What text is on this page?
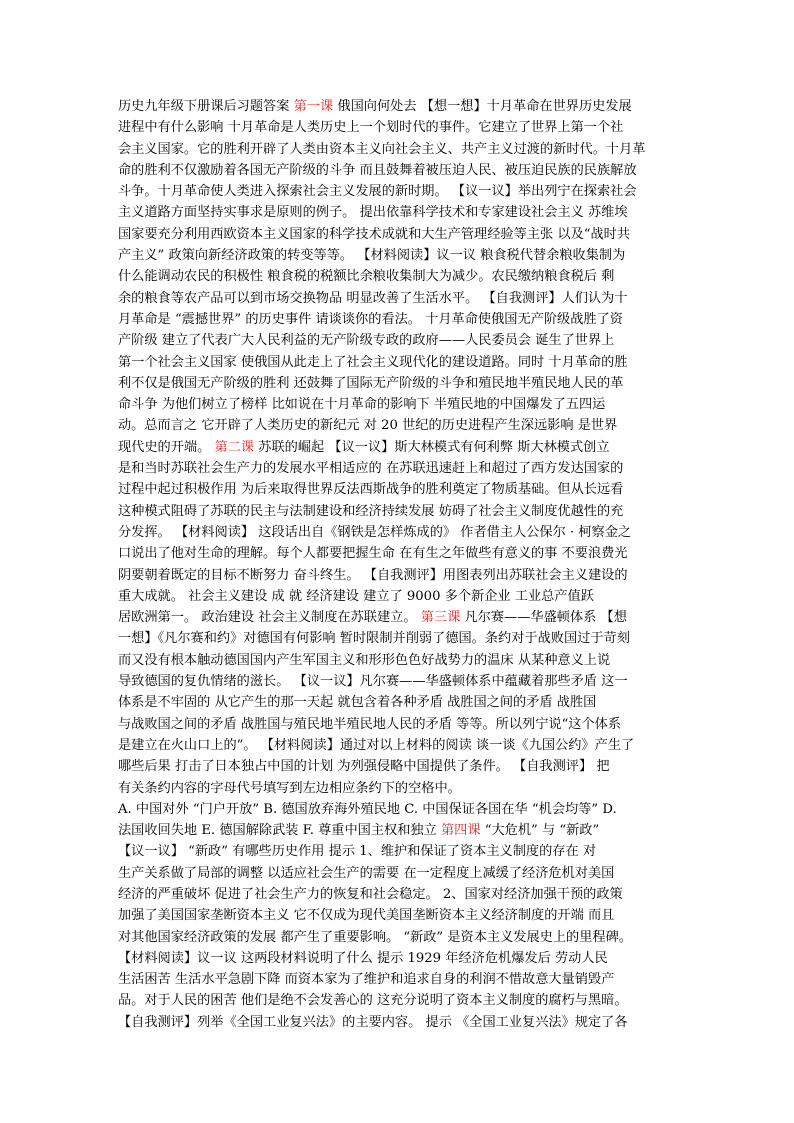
历史九年级下册课后习题答案 第一课 俄国向何处去 【想一想】十月革命在世界历史发展
进程中有什么影响 十月革命是人类历史上一个划时代的事件。它建立了世界上第一个社
会主义国家。它的胜利开辟了人类由资本主义向社会主义、共产主义过渡的新时代。十月革
命的胜利不仅激励着各国无产阶级的斗争 而且鼓舞着被压迫人民、被压迫民族的民族解放
斗争。十月革命使人类进入探索社会主义发展的新时期。 【议一议】举出列宁在探索社会
主义道路方面坚持实事求是原则的例子。 提出依靠科学技术和专家建设社会主义 苏维埃
国家要充分利用西欧资本主义国家的科学技术成就和大生产管理经验等主张 以及“战时共
产主义” 政策向新经济政策的转变等等。 【材料阅读】议一议 粮食税代替余粮收集制为
什么能调动农民的积极性 粮食税的税额比余粮收集制大为减少。农民缴纳粮食税后 剩
余的粮食等农产品可以到市场交换物品 明显改善了生活水平。 【自我测评】人们认为十
月革命是 “震撼世界” 的历史事件 请谈谈你的看法。 十月革命使俄国无产阶级战胜了资
产阶级 建立了代表广大人民利益的无产阶级专政的政府——人民委员会 诞生了世界上
第一个社会主义国家 使俄国从此走上了社会主义现代化的建设道路。同时 十月革命的胜
利不仅是俄国无产阶级的胜利 还鼓舞了国际无产阶级的斗争和殖民地半殖民地人民的革
命斗争 为他们树立了榜样 比如说在十月革命的影响下 半殖民地的中国爆发了五四运
动。总而言之 它开辟了人类历史的新纪元 对 20 世纪的历史进程产生深远影响 是世界
现代史的开端。 第二课 苏联的崛起 【议一议】斯大林模式有何利弊 斯大林模式创立
是和当时苏联社会生产力的发展水平相适应的 在苏联迅速赶上和超过了西方发达国家的
过程中起过积极作用 为后来取得世界反法西斯战争的胜利奠定了物质基础。但从长远看
这种模式阻碍了苏联的民主与法制建设和经济持续发展 妨碍了社会主义制度优越性的充
分发挥。 【材料阅读】 这段话出自《钢铁是怎样炼成的》 作者借主人公保尔 · 柯察金之
口说出了他对生命的理解。每个人都要把握生命 在有生之年做些有意义的事 不要浪费光
阴要朝着既定的目标不断努力 奋斗终生。 【自我测评】用图表列出苏联社会主义建设的
重大成就。 社会主义建设 成 就 经济建设 建立了 9000 多个新企业 工业总产值跃
居欧洲第一。 政治建设 社会主义制度在苏联建立。 第三课 凡尔赛——华盛顿体系 【想
一想】《凡尔赛和约》对德国有何影响 暂时限制并削弱了德国。条约对于战败国过于苛刻
而又没有根本触动德国国内产生军国主义和形形色色好战势力的温床 从某种意义上说
导致德国的复仇情绪的滋长。 【议一议】凡尔赛——华盛顿体系中蕴藏着那些矛盾 这一
体系是不牢固的 从它产生的那一天起 就包含着各种矛盾 战胜国之间的矛盾 战胜国
与战败国之间的矛盾 战胜国与殖民地半殖民地人民的矛盾 等等。所以列宁说“这个体系
是建立在火山口上的”。 【材料阅读】通过对以上材料的阅读 谈一谈《九国公约》产生了
哪些后果 打击了日本独占中国的计划 为列强侵略中国提供了条件。 【自我测评】 把
有关条约内容的字母代号填写到左边相应条约下的空格中。
A. 中国对外 “门户开放” B. 德国放弃海外殖民地 C. 中国保证各国在华 “机会均等” D.
法国收回失地 E. 德国解除武装 F. 尊重中国主权和独立 第四课 “大危机” 与 “新政”
【议一议】 “新政” 有哪些历史作用 提示 1、维护和保证了资本主义制度的存在 对
生产关系做了局部的调整 以适应社会生产的需要 在一定程度上减缓了经济危机对美国
经济的严重破坏 促进了社会生产力的恢复和社会稳定。 2、国家对经济加强干预的政策
加强了美国国家垄断资本主义 它不仅成为现代美国垄断资本主义经济制度的开端 而且
对其他国家经济政策的发展 都产生了重要影响。 “新政” 是资本主义发展史上的里程碑。
【材料阅读】议一议 这两段材料说明了什么 提示 1929 年经济危机爆发后 劳动人民
生活困苦 生活水平急剧下降 而资本家为了维护和追求自身的利润不惜故意大量销毁产
品。对于人民的困苦 他们是绝不会发善心的 这充分说明了资本主义制度的腐朽与黑暗。
【自我测评】列举《全国工业复兴法》的主要内容。 提示 《全国工业复兴法》规定了各
